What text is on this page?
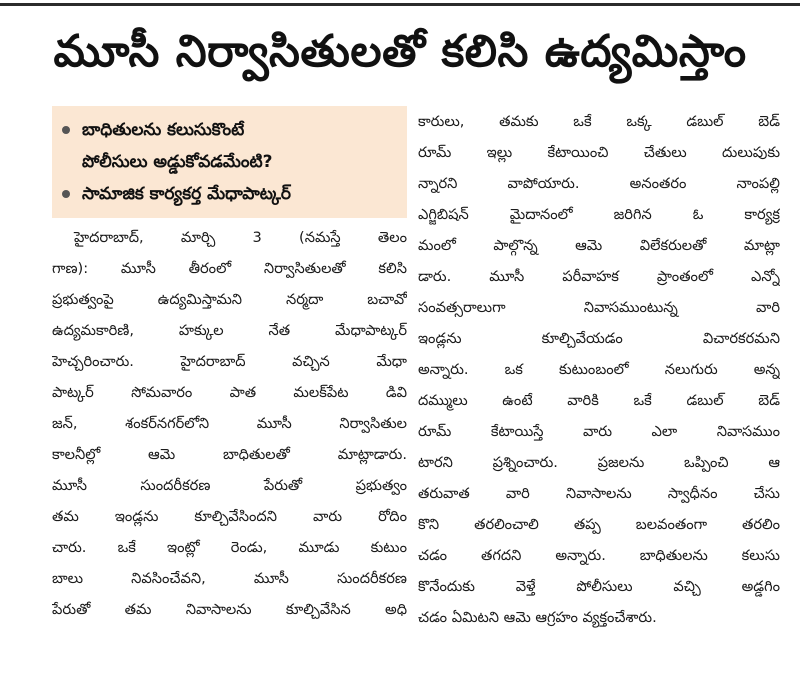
మూసీ నిర్వాసితులతో కలిసి ఉద్యమిస్తాం
బాధితులను కలుసుకొంటే
పోలీసులు అడ్డుకోవడమేంటి?
సామాజిక కార్యకర్త మేధాపాట్కర్
హైదరాబాద్, మార్చి 3 (నమస్తే తెలం
గాణ): మూసీ తీరంలో నిర్వాసితులతో కలిసి
ప్రభుత్వంపై ఉద్యమిస్తామని నర్మదా బచావో
ఉద్యమకారిణి, హక్కుల నేత మేధాపాట్కర్
హెచ్చరించారు. హైదరాబాద్ వచ్చిన మేధా
పాట్కర్ సోమవారం పాత మలక్‌పేట డివి
జన్, శంకర్‌నగర్‌లోని మూసీ నిర్వాసితుల
కాలనీల్లో ఆమె బాధితులతో మాట్లాడారు.
మూసీ సుందరీకరణ పేరుతో ప్రభుత్వం
తమ ఇండ్లను కూల్చివేసిందని వారు రోదిం
చారు. ఒకే ఇంట్లో రెండు, మూడు కుటుం
బాలు నివసించేవని, మూసీ సుందరీకరణ
పేరుతో తమ నివాసాలను కూల్చివేసిన అధి
కారులు, తమకు ఒకే ఒక్క డబుల్ బెడ్
రూమ్ ఇల్లు కేటాయించి చేతులు దులుపుకు
న్నారని వాపోయారు. అనంతరం నాంపల్లి
ఎగ్జిబిషన్ మైదానంలో జరిగిన ఓ కార్యక్ర
మంలో పాల్గొన్న ఆమె విలేకరులతో మాట్లా
డారు. మూసీ పరీవాహక ప్రాంతంలో ఎన్నో
సంవత్సరాలుగా నివాసముంటున్న వారి
ఇండ్లను కూల్చివేయడం విచారకరమని
అన్నారు. ఒక కుటుంబంలో నలుగురు అన్న
దమ్ములు ఉంటే వారికి ఒకే డబుల్ బెడ్
రూమ్ కేటాయిస్తే వారు ఎలా నివాసముం
టారని ప్రశ్నించారు. ప్రజలను ఒప్పించి ఆ
తరువాత వారి నివాసాలను స్వాధీనం చేసు
కొని తరలించాలి తప్ప బలవంతంగా తరలిం
చడం తగదని అన్నారు. బాధితులను కలుసు
కొనేందుకు వెళ్తే పోలీసులు వచ్చి అడ్డగిం
చడం ఏమిటని ఆమె ఆగ్రహం వ్యక్తంచేశారు.
